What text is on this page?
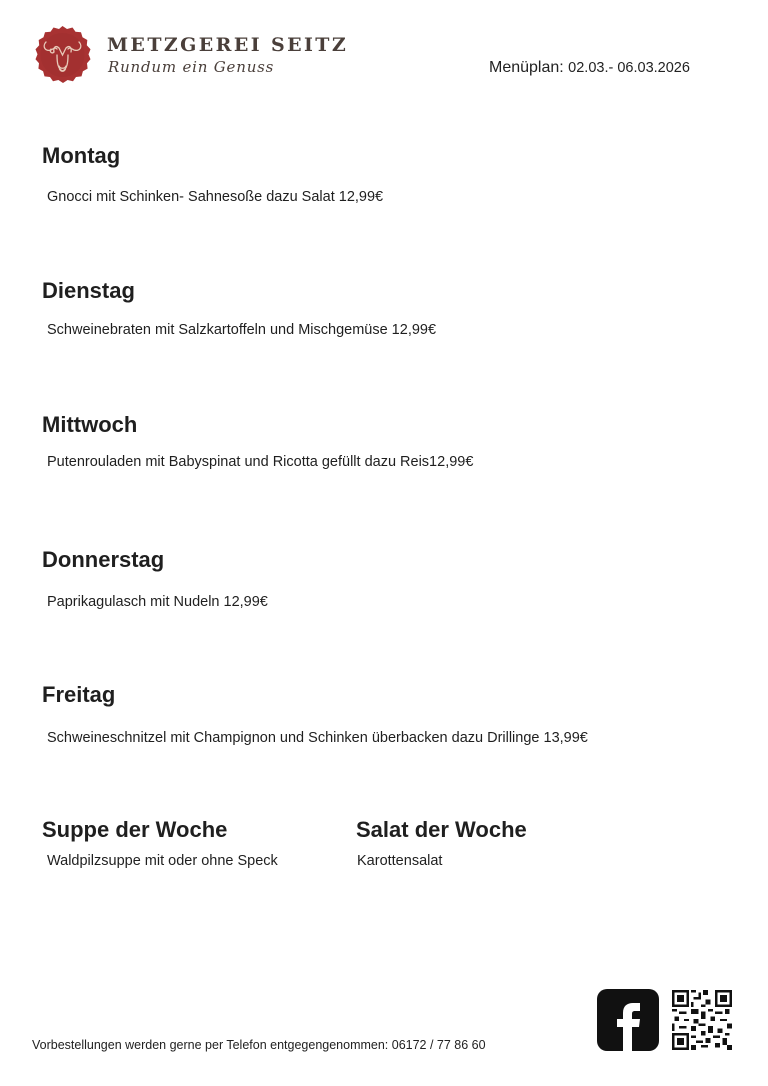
METZGEREI SEITZ
Rundum ein Genuss	Menüplan: 02.03.- 06.03.2026
Montag
Gnocci mit Schinken- Sahnesoße dazu Salat 12,99€
Dienstag
Schweinebraten mit Salzkartoffeln und Mischgemüse 12,99€
Mittwoch
Putenrouladen mit Babyspinat und Ricotta gefüllt dazu Reis12,99€
Donnerstag
Paprikagulasch mit Nudeln 12,99€
Freitag
Schweineschnitzel mit Champignon und Schinken überbacken dazu Drillinge 13,99€
Suppe der Woche
Waldpilzsuppe mit oder ohne Speck
Salat der Woche
Karottensalat
Vorbestellungen werden gerne per Telefon entgegengenommen: 06172 / 77 86 60
